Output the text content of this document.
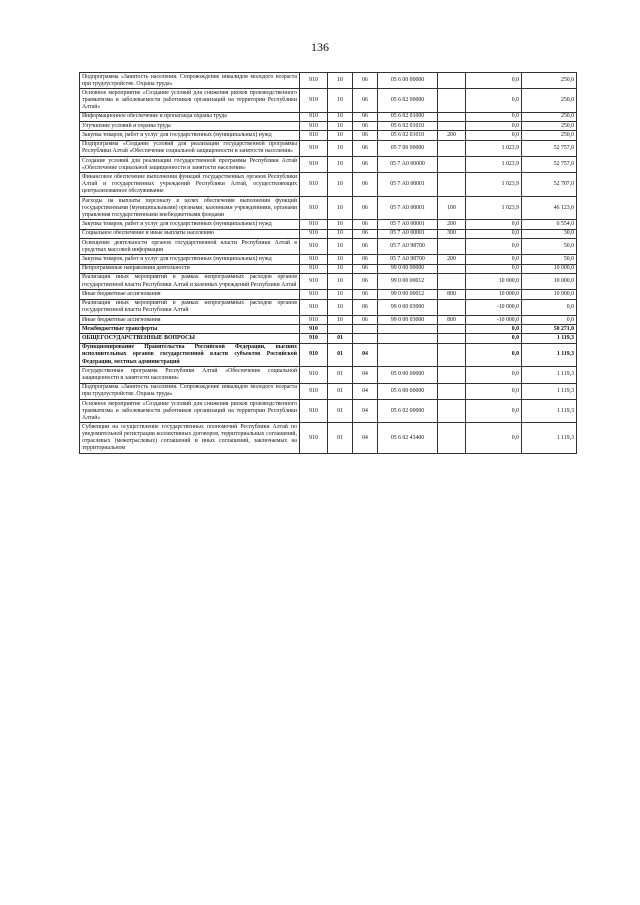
136
Подпрограмма «Занятость населения. Сопровождение инвалидов молодого возраста при трудоустройстве. Охрана труда»	910	10	06	05 6 00 00000		0,0	250,0
Основное мероприятие «Создание условий для снижения рисков производственного травматизма и заболеваемости работников организаций на территории Республики Алтай»	910	10	06	05 6 02 00000		0,0	250,0
Информационное обеспечение и пропаганда охраны труда	910	10	06	05 6 02 01000		0,0	250,0
Улучшение условий и охраны труда	910	10	06	05 6 02 01010		0,0	250,0
Закупка товаров, работ и услуг для государственных (муниципальных) нужд	910	10	06	05 6 02 01010	200	0,0	250,0
Подпрограмма «Создание условий для реализации государственной программы Республики Алтай «Обеспечение социальной защищенности и занятости населения»	910	10	06	05 7 00 00000		1 023,9	52 757,0
Создание условий для реализации государственной программы Республики Алтай «Обеспечение социальной защищенности и занятости населения»	910	10	06	05 7 А0 00000		1 023,9	52 757,0
Финансовое обеспечение выполнения функций государственных органов Республики Алтай и государственных учреждений Республики Алтай, осуществляющих централизованное обслуживание	910	10	06	05 7 А0 00001		1 023,9	52 707,0
Расходы на выплаты персоналу в целях обеспечения выполнения функций государственными (муниципальными) органами, казенными учреждениями, органами управления государственными внебюджетными фондами	910	10	06	05 7 А0 00001	100	1 023,9	46 123,0
Закупка товаров, работ и услуг для государственных (муниципальных) нужд	910	10	06	05 7 А0 00001	200	0,0	6 554,0
Социальное обеспечение и иные выплаты населению	910	10	06	05 7 А0 00001	300	0,0	30,0
Освещение деятельности органов государственной власти Республики Алтай в средствах массовой информации	910	10	06	05 7 А0 98700		0,0	50,0
Закупка товаров, работ и услуг для государственных (муниципальных) нужд	910	10	06	05 7 А0 98700	200	0,0	50,0
Непрограммные направления деятельности	910	10	06	99 0 00 00000		0,0	10 000,0
Реализация иных мероприятий в рамках непрограммных расходов органов государственной власти Республики Алтай и казенных учреждений Республики Алтай	910	10	06	99 0 00 00012		10 000,0	10 000,0
Иные бюджетные ассигнования	910	10	06	99 0 00 00012	800	10 000,0	10 000,0
Реализация иных мероприятий в рамках непрограммных расходов органов государственной власти Республики Алтай	910	10	06	99 0 00 03000		-10 000,0	0,0
Иные бюджетные ассигнования	910	10	06	99 0 00 03000	800	-10 000,0	0,0
Межбюджетные трансферты	910					0,0	50 271,0
ОБЩЕГОСУДАРСТВЕННЫЕ ВОПРОСЫ	910	01				0,0	1 119,3
Функционирование Правительства Российской Федерации, высших исполнительных органов государственной власти субъектов Российской Федерации, местных администраций	910	01	04			0,0	1 119,3
Государственная программа Республики Алтай «Обеспечение социальной защищенности и занятости населения»	910	01	04	05 0 00 00000		0,0	1 119,3
Подпрограмма «Занятость населения. Сопровождение инвалидов молодого возраста при трудоустройстве. Охрана труда»	910	01	04	05 6 00 00000		0,0	1 119,3
Основное мероприятие «Создание условий для снижения рисков производственного травматизма и заболеваемости работников организаций на территории Республики Алтай»	910	01	04	05 6 02 00000		0,0	1 119,3
Субвенции на осуществление государственных полномочий Республики Алтай по уведомительной регистрации коллективных договоров, территориальных соглашений, отраслевых (межотраслевых) соглашений и иных соглашений, заключаемых на территориальном	910	01	04	05 6 02 43400		0,0	1 119,3
